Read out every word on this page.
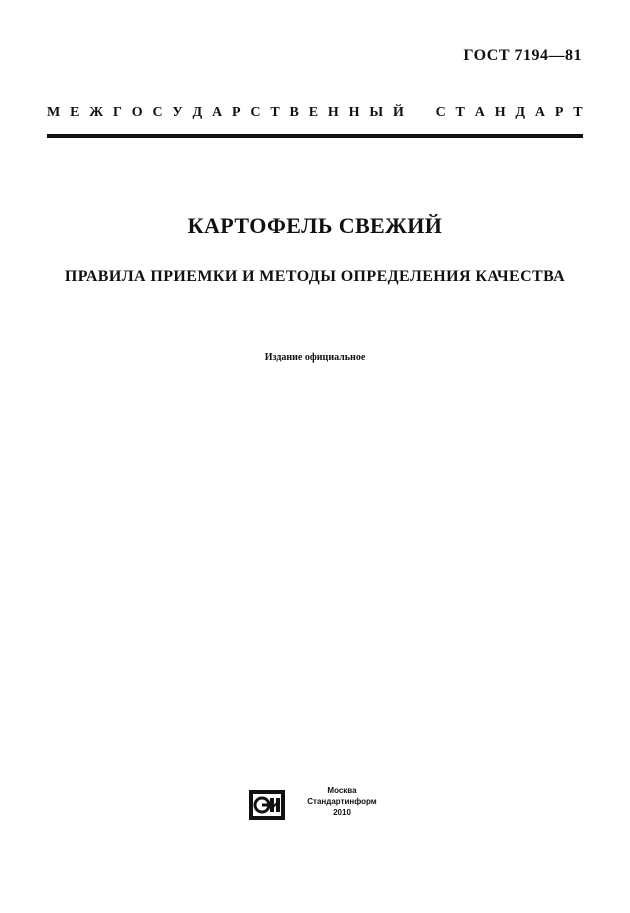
ГОСТ 7194—81
М Е Ж Г О С У Д А Р С Т В Е Н Н Ы Й С Т А Н Д А Р Т
КАРТОФЕЛЬ СВЕЖИЙ
ПРАВИЛА ПРИЕМКИ И МЕТОДЫ ОПРЕДЕЛЕНИЯ КАЧЕСТВА
Издание официальное
Москва
Стандартинформ
2010
